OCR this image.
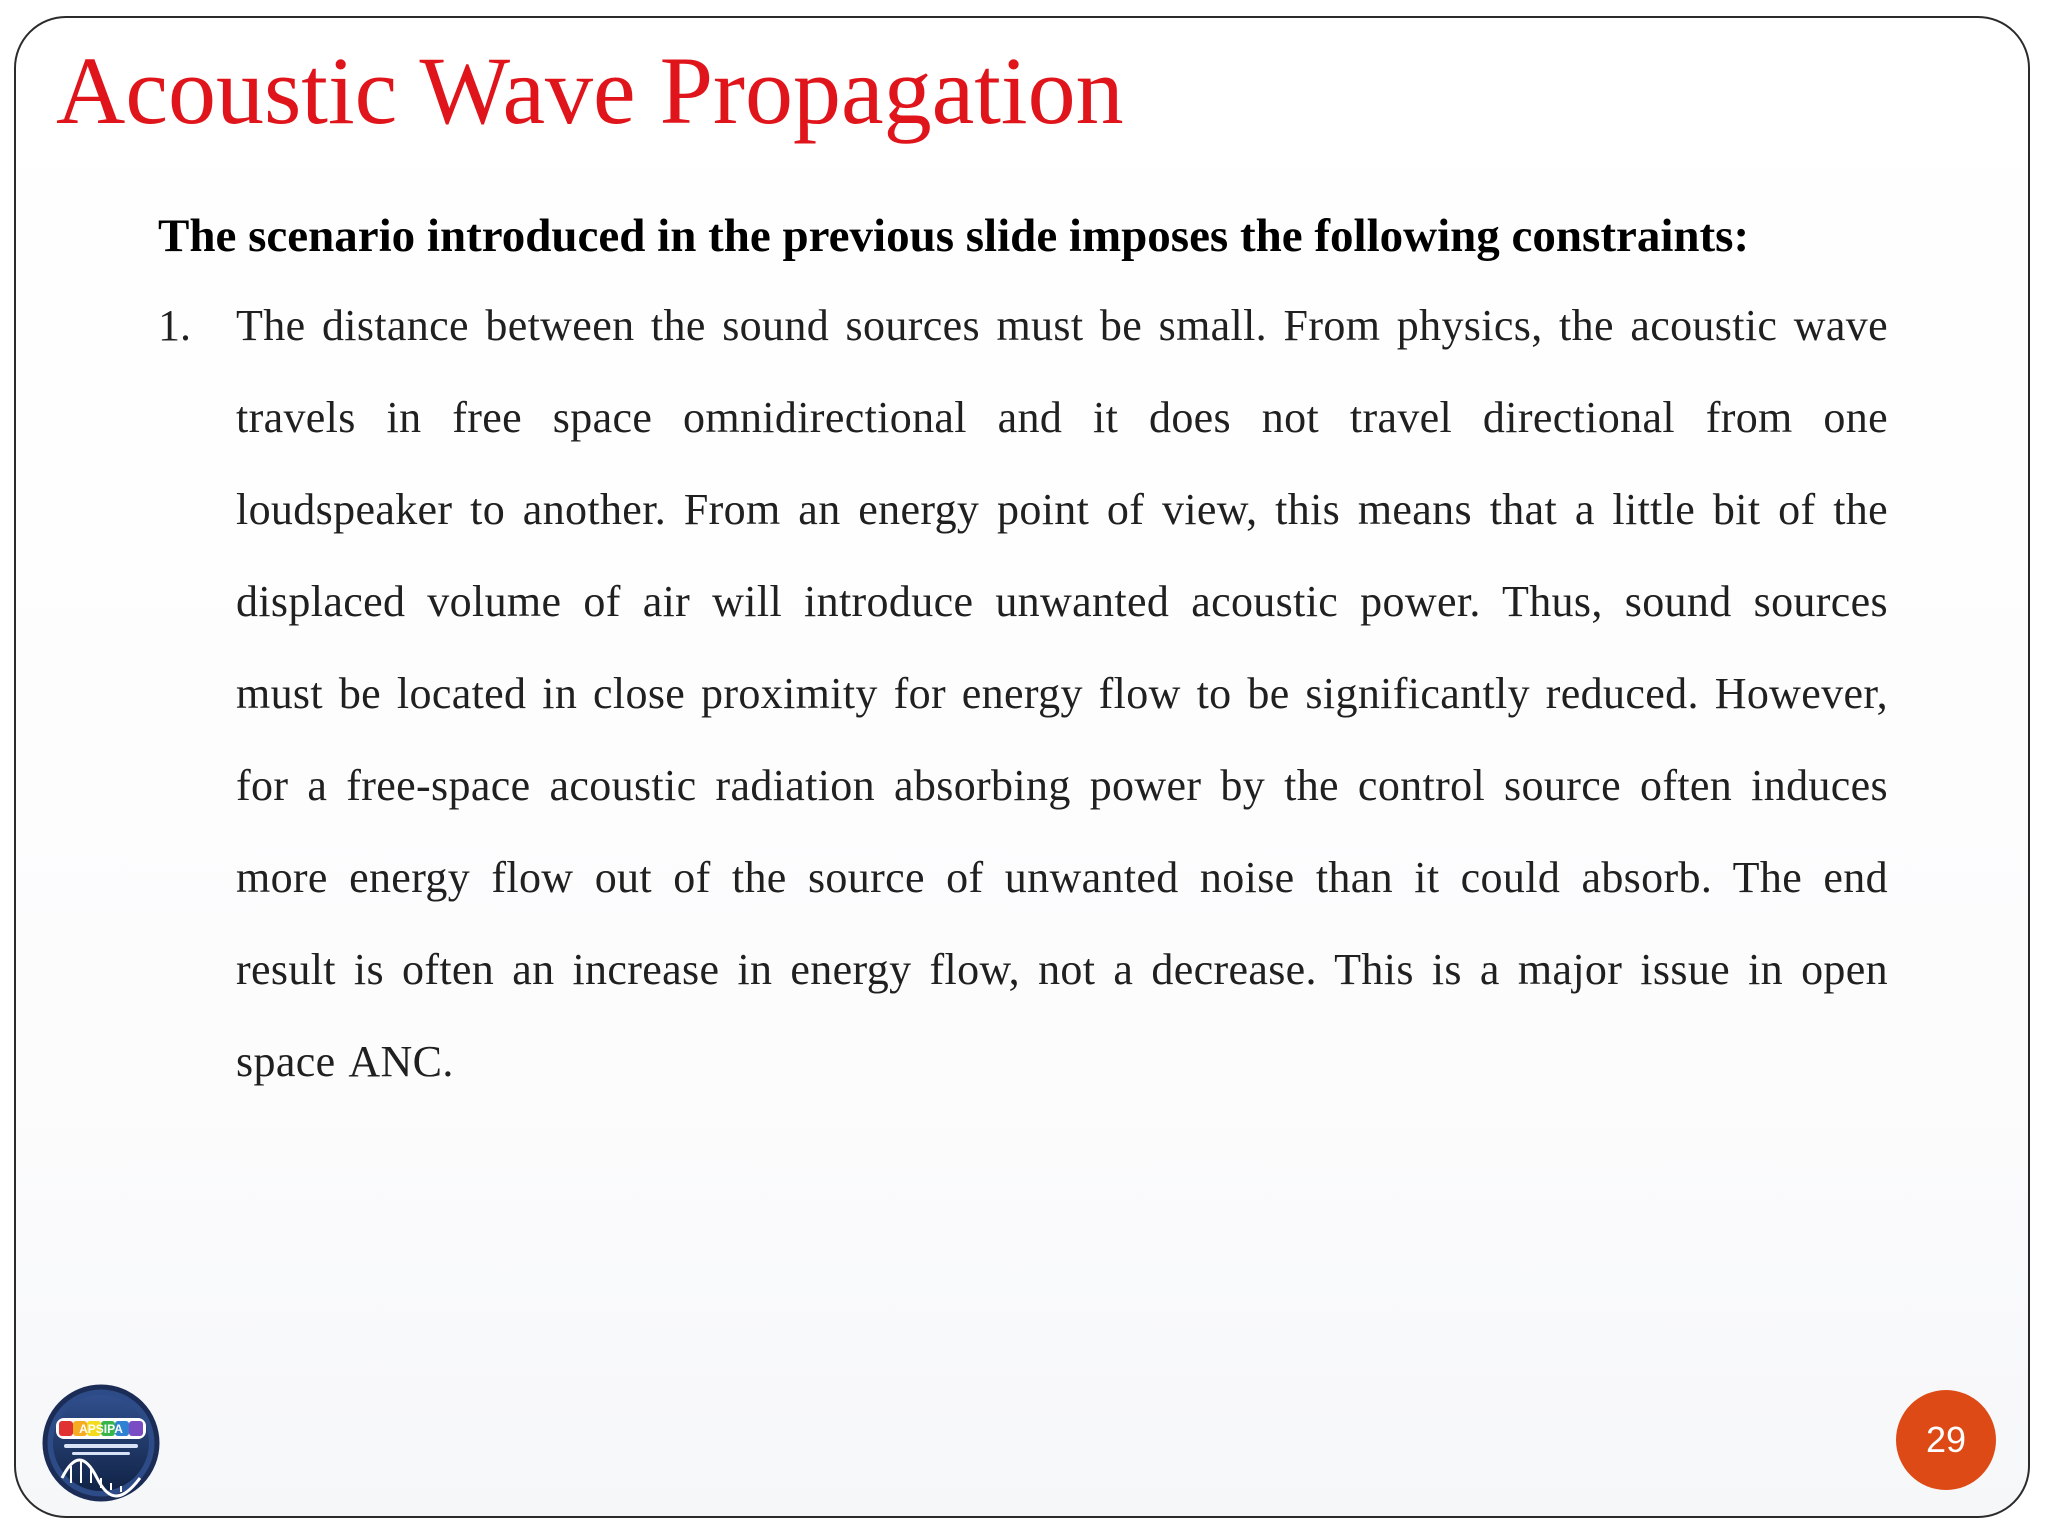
Acoustic Wave Propagation

The scenario introduced in the previous slide imposes the following constraints:

1.	The distance between the sound sources must be small. From physics, the acoustic wave travels in free space omnidirectional and it does not travel directional from one loudspeaker to another. From an energy point of view, this means that a little bit of the displaced volume of air will introduce unwanted acoustic power. Thus, sound sources must be located in close proximity for energy flow to be significantly reduced. However, for a free-space acoustic radiation absorbing power by the control source often induces more energy flow out of the source of unwanted noise than it could absorb. The end result is often an increase in energy flow, not a decrease. This is a major issue in open space ANC.
APSIPA	29
